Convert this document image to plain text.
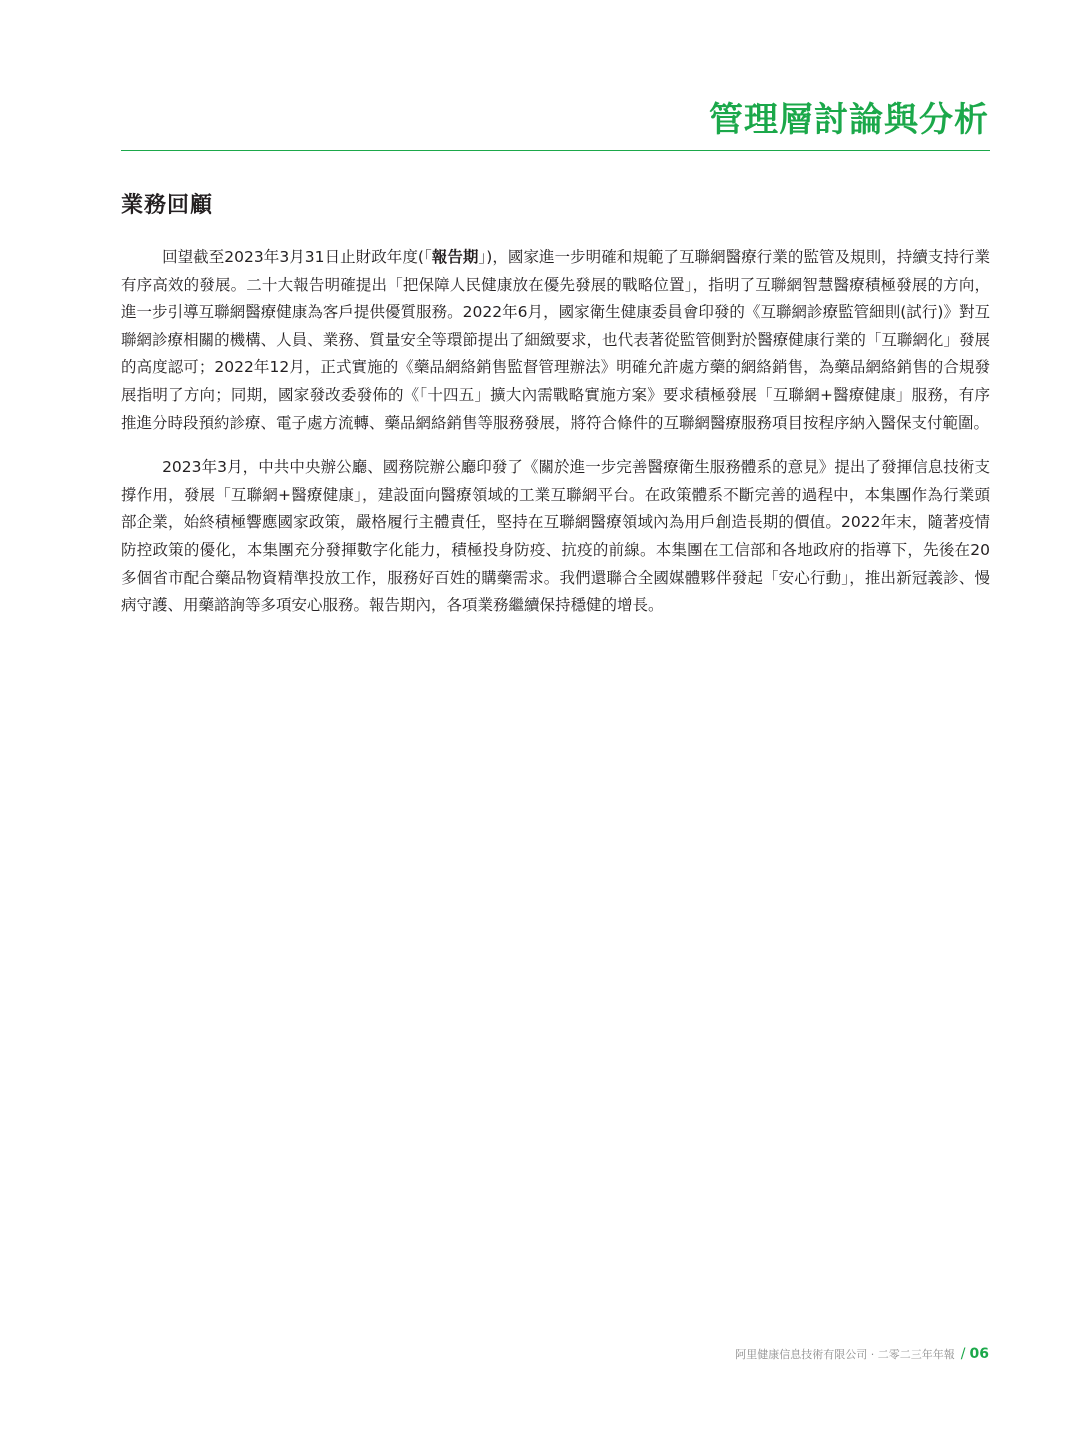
管理層討論與分析
業務回顧

回望截至2023年3月31日止財政年度(「報告期」)，國家進一步明確和規範了互聯網醫療行業的監管及規則，持續支持行業有序高效的發展。二十大報告明確提出「把保障人民健康放在優先發展的戰略位置」，指明了互聯網智慧醫療積極發展的方向，進一步引導互聯網醫療健康為客戶提供優質服務。2022年6月，國家衛生健康委員會印發的《互聯網診療監管細則(試行)》對互聯網診療相關的機構、人員、業務、質量安全等環節提出了細緻要求，也代表著從監管側對於醫療健康行業的「互聯網化」發展的高度認可；2022年12月，正式實施的《藥品網絡銷售監督管理辦法》明確允許處方藥的網絡銷售，為藥品網絡銷售的合規發展指明了方向；同期，國家發改委發佈的《「十四五」擴大內需戰略實施方案》要求積極發展「互聯網+醫療健康」服務，有序推進分時段預約診療、電子處方流轉、藥品網絡銷售等服務發展，將符合條件的互聯網醫療服務項目按程序納入醫保支付範圍。

2023年3月，中共中央辦公廳、國務院辦公廳印發了《關於進一步完善醫療衛生服務體系的意見》提出了發揮信息技術支撐作用，發展「互聯網+醫療健康」，建設面向醫療領域的工業互聯網平台。在政策體系不斷完善的過程中，本集團作為行業頭部企業，始終積極響應國家政策，嚴格履行主體責任，堅持在互聯網醫療領域內為用戶創造長期的價值。2022年末，隨著疫情防控政策的優化，本集團充分發揮數字化能力，積極投身防疫、抗疫的前線。本集團在工信部和各地政府的指導下，先後在20多個省市配合藥品物資精準投放工作，服務好百姓的購藥需求。我們還聯合全國媒體夥伴發起「安心行動」，推出新冠義診、慢病守護、用藥諮詢等多項安心服務。報告期內，各項業務繼續保持穩健的增長。

阿里健康信息技術有限公司 · 二零二三年年報 / 06
